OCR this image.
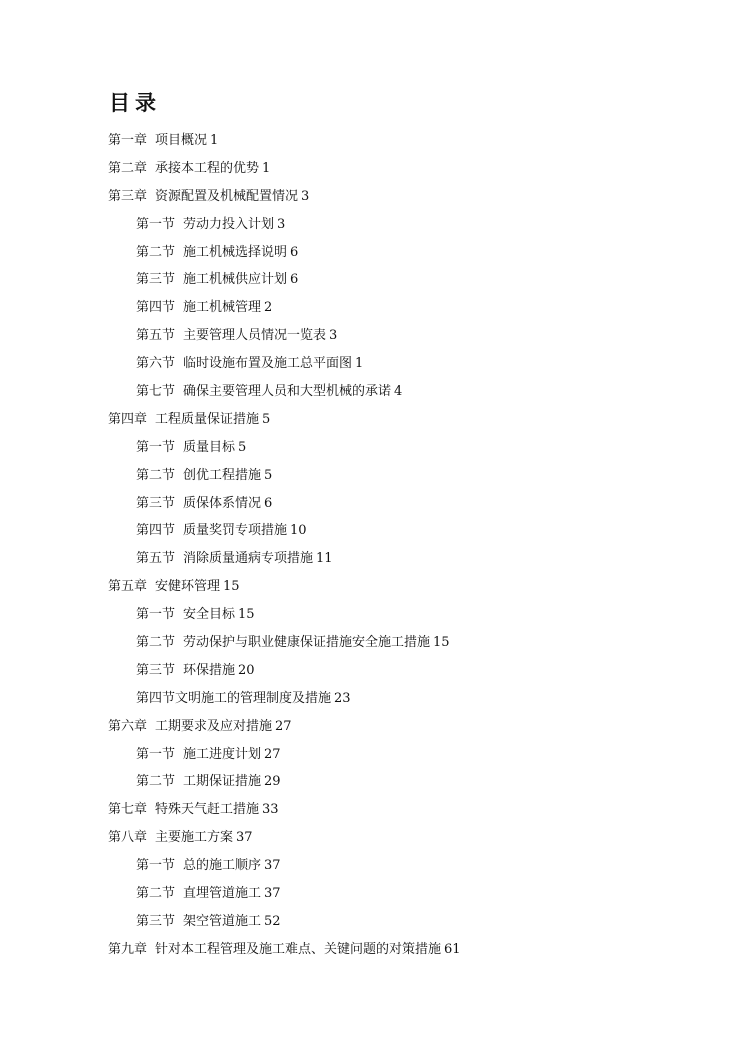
目录
第一章 项目概况 1
第二章 承接本工程的优势 1
第三章 资源配置及机械配置情况 3
第一节 劳动力投入计划 3
第二节 施工机械选择说明 6
第三节 施工机械供应计划 6
第四节 施工机械管理 2
第五节 主要管理人员情况一览表 3
第六节 临时设施布置及施工总平面图 1
第七节 确保主要管理人员和大型机械的承诺 4
第四章 工程质量保证措施 5
第一节 质量目标 5
第二节 创优工程措施 5
第三节 质保体系情况 6
第四节 质量奖罚专项措施 10
第五节 消除质量通病专项措施 11
第五章 安健环管理 15
第一节 安全目标 15
第二节 劳动保护与职业健康保证措施安全施工措施 15
第三节 环保措施 20
第四节文明施工的管理制度及措施 23
第六章 工期要求及应对措施 27
第一节 施工进度计划 27
第二节 工期保证措施 29
第七章 特殊天气赶工措施 33
第八章 主要施工方案 37
第一节 总的施工顺序 37
第二节 直埋管道施工 37
第三节 架空管道施工 52
第九章 针对本工程管理及施工难点、关键问题的对策措施 61
